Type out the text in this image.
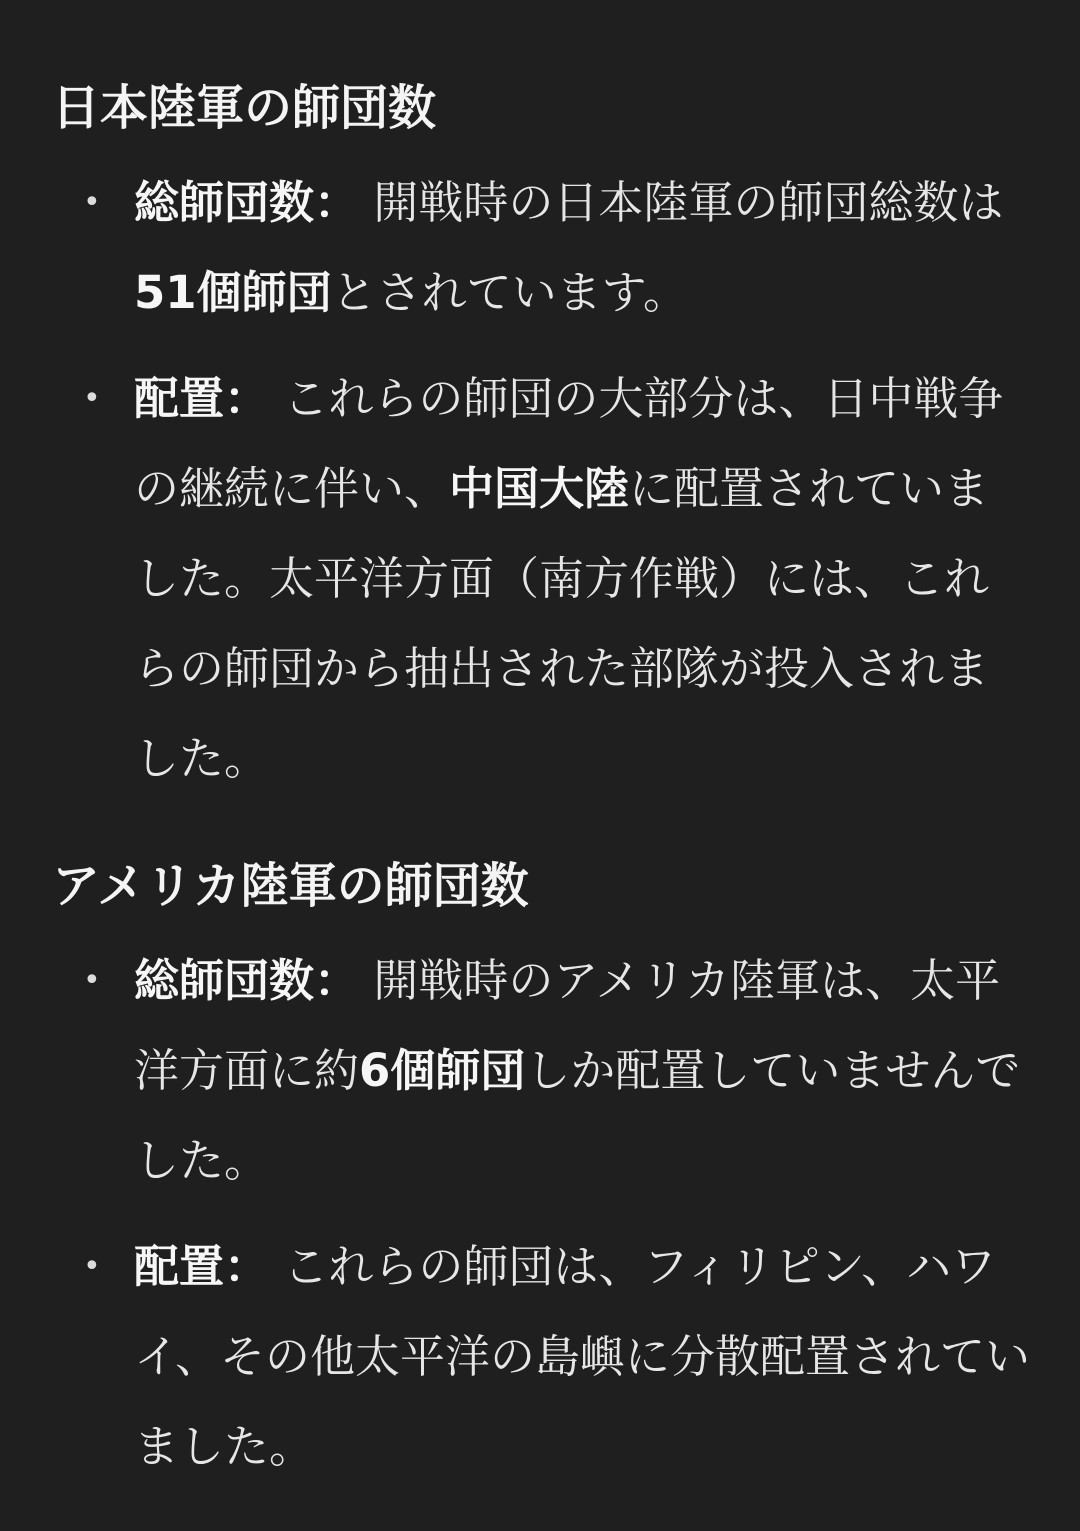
日本陸軍の師団数
• 総師団数： 開戦時の日本陸軍の師団総数は51個師団とされています。
• 配置： これらの師団の大部分は、日中戦争の継続に伴い、中国大陸に配置されていました。太平洋方面（南方作戦）には、これらの師団から抽出された部隊が投入されました。
アメリカ陸軍の師団数
• 総師団数： 開戦時のアメリカ陸軍は、太平洋方面に約6個師団しか配置していませんでした。
• 配置： これらの師団は、フィリピン、ハワイ、その他太平洋の島嶼に分散配置されていました。
